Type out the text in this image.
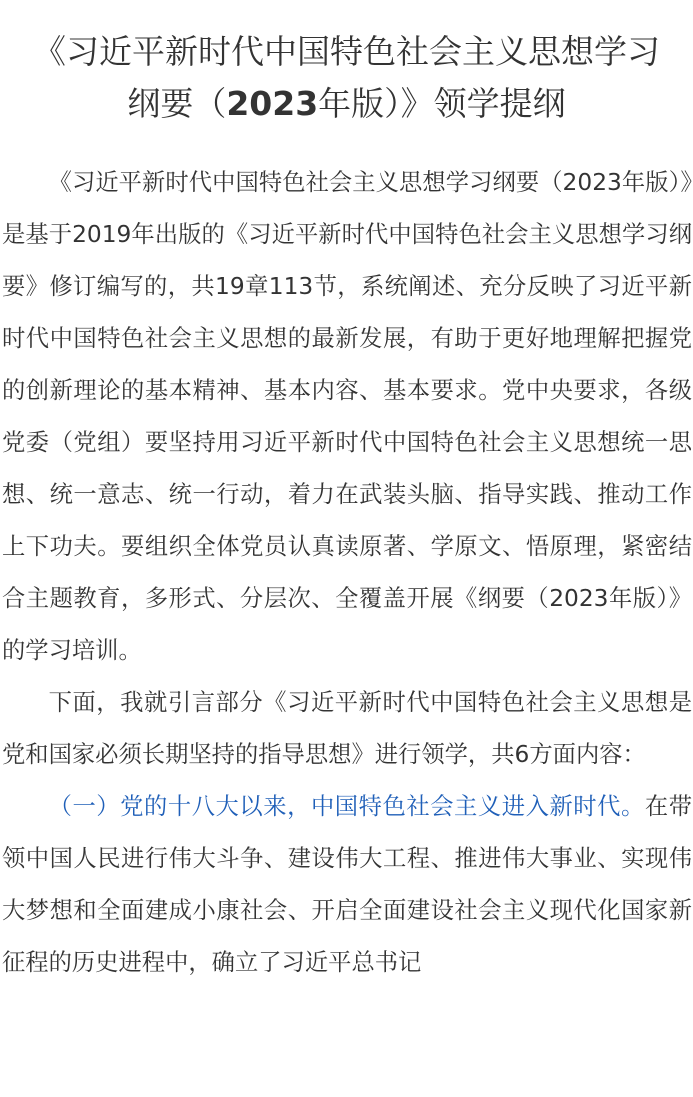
《习近平新时代中国特色社会主义思想学习
纲要（2023年版）》领学提纲

《习近平新时代中国特色社会主义思想学习纲要（2023年版）》是基于2019年出版的《习近平新时代中国特色社会主义思想学习纲要》修订编写的，共19章113节，系统阐述、充分反映了习近平新时代中国特色社会主义思想的最新发展，有助于更好地理解把握党的创新理论的基本精神、基本内容、基本要求。党中央要求，各级党委（党组）要坚持用习近平新时代中国特色社会主义思想统一思想、统一意志、统一行动，着力在武装头脑、指导实践、推动工作上下功夫。要组织全体党员认真读原著、学原文、悟原理，紧密结合主题教育，多形式、分层次、全覆盖开展《纲要（2023年版）》的学习培训。

下面，我就引言部分《习近平新时代中国特色社会主义思想是党和国家必须长期坚持的指导思想》进行领学，共6方面内容：

（一）党的十八大以来，中国特色社会主义进入新时代。在带领中国人民进行伟大斗争、建设伟大工程、推进伟大事业、实现伟大梦想和全面建成小康社会、开启全面建设社会主义现代化国家新征程的历史进程中，确立了习近平总书记
